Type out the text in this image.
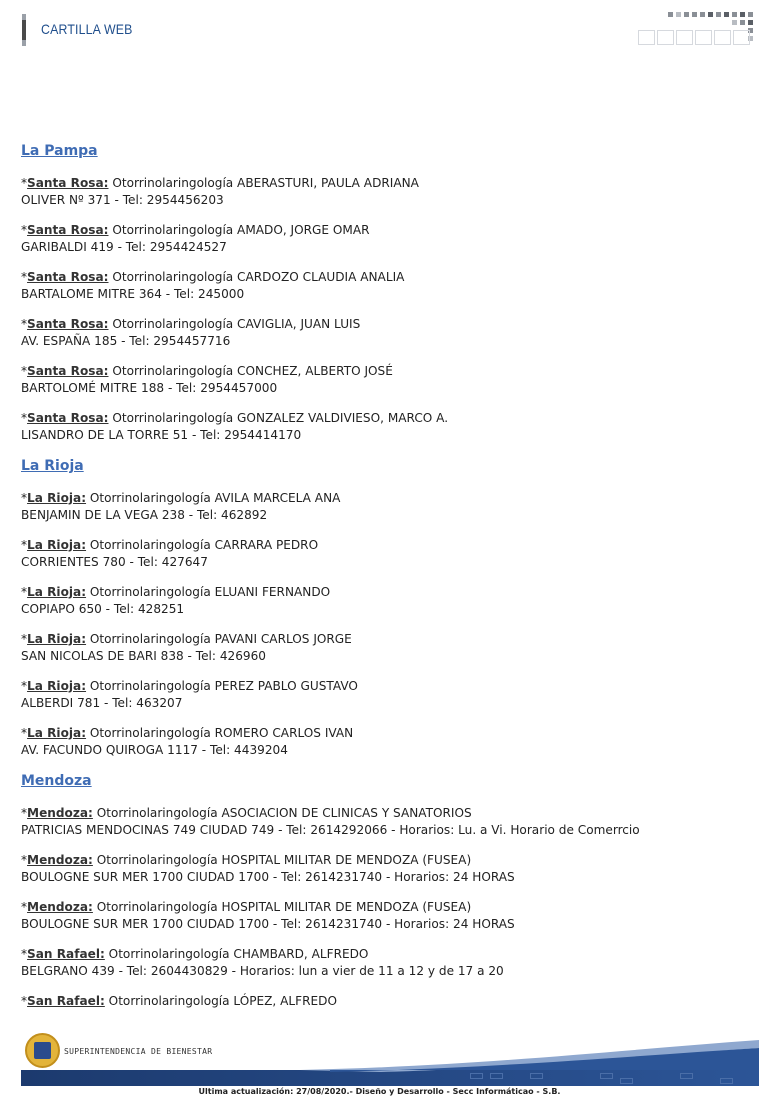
CARTILLA WEB
La Pampa
*Santa Rosa: Otorrinolaringología ABERASTURI, PAULA ADRIANA
OLIVER Nº 371 - Tel: 2954456203
*Santa Rosa: Otorrinolaringología AMADO, JORGE OMAR
GARIBALDI 419 - Tel: 2954424527
*Santa Rosa: Otorrinolaringología CARDOZO CLAUDIA ANALIA
BARTALOME MITRE 364 - Tel: 245000
*Santa Rosa: Otorrinolaringología CAVIGLIA, JUAN LUIS
AV. ESPAÑA 185 - Tel: 2954457716
*Santa Rosa: Otorrinolaringología CONCHEZ, ALBERTO JOSÉ
BARTOLOMÉ MITRE 188 - Tel: 2954457000
*Santa Rosa: Otorrinolaringología GONZALEZ VALDIVIESO, MARCO A.
LISANDRO DE LA TORRE 51 - Tel: 2954414170
La Rioja
*La Rioja: Otorrinolaringología AVILA MARCELA ANA
BENJAMIN DE LA VEGA 238 - Tel: 462892
*La Rioja: Otorrinolaringología CARRARA PEDRO
CORRIENTES 780 - Tel: 427647
*La Rioja: Otorrinolaringología ELUANI FERNANDO
COPIAPO 650 - Tel: 428251
*La Rioja: Otorrinolaringología PAVANI CARLOS JORGE
SAN NICOLAS DE BARI 838 - Tel: 426960
*La Rioja: Otorrinolaringología PEREZ PABLO GUSTAVO
ALBERDI 781 - Tel: 463207
*La Rioja: Otorrinolaringología ROMERO CARLOS IVAN
AV. FACUNDO QUIROGA 1117 - Tel: 4439204
Mendoza
*Mendoza: Otorrinolaringología ASOCIACION DE CLINICAS Y SANATORIOS
PATRICIAS MENDOCINAS 749 CIUDAD 749 - Tel: 2614292066 - Horarios: Lu. a Vi. Horario de Comerrcio
*Mendoza: Otorrinolaringología HOSPITAL MILITAR DE MENDOZA (FUSEA)
BOULOGNE SUR MER 1700 CIUDAD 1700 - Tel: 2614231740 - Horarios: 24 HORAS
*Mendoza: Otorrinolaringología HOSPITAL MILITAR DE MENDOZA (FUSEA)
BOULOGNE SUR MER 1700 CIUDAD 1700 - Tel: 2614231740 - Horarios: 24 HORAS
*San Rafael: Otorrinolaringología CHAMBARD, ALFREDO
BELGRANO 439 - Tel: 2604430829 - Horarios: lun a vier de 11 a 12 y de 17 a 20
*San Rafael: Otorrinolaringología LÓPEZ, ALFREDO
SUPERINTENDENCIA DE BIENESTAR
Ultima actualización: 27/08/2020.- Diseño y Desarrollo - Secc Informáticao - S.B.
